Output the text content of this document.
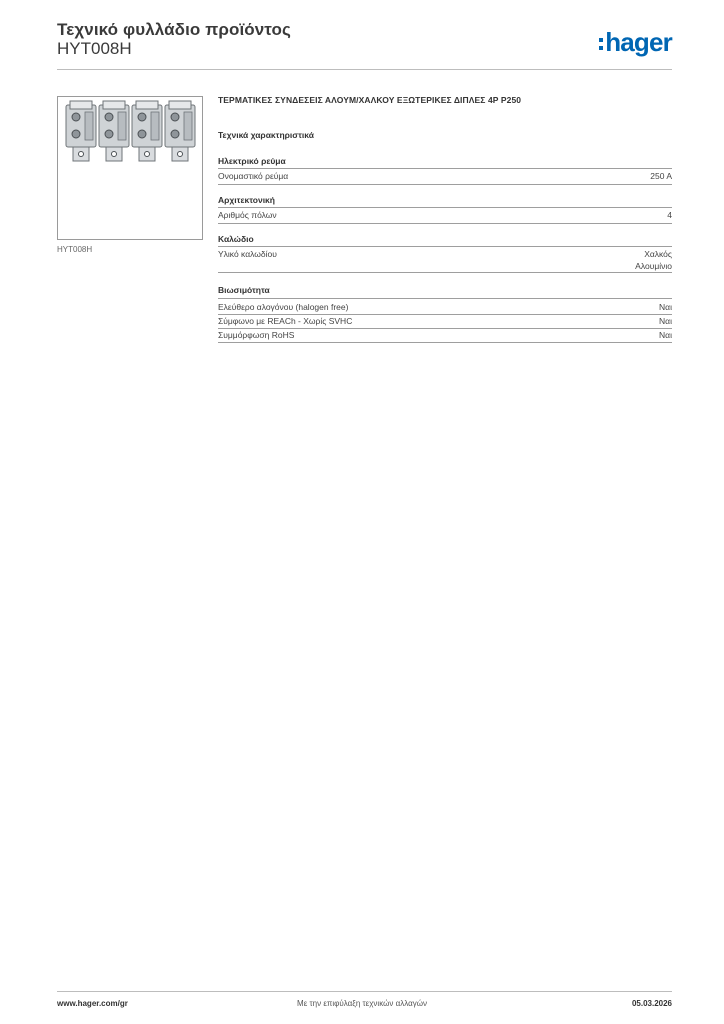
Τεχνικό φυλλάδιο προϊόντος
HYT008H	hager
HYT008H
ΤΕΡΜΑΤΙΚΕΣ ΣΥΝΔΕΣΕΙΣ ΑΛΟΥΜ/ΧΑΛΚΟΥ ΕΞΩΤΕΡΙΚΕΣ ΔΙΠΛΕΣ 4P P250
Τεχνικά χαρακτηριστικά
Ηλεκτρικό ρεύμα
Ονομαστικό ρεύμα	250 A
Αρχιτεκτονική
Αριθμός πόλων	4
Καλώδιο
Υλικό καλωδίου	Χαλκός
Αλουμίνιο
Βιωσιμότητα
Ελεύθερο αλογόνου (halogen free)	Ναι
Σύμφωνο με REACh - Χωρίς SVHC	Ναι
Συμμόρφωση RoHS	Ναι
www.hager.com/gr	Με την επιφύλαξη τεχνικών αλλαγών	05.03.2026
